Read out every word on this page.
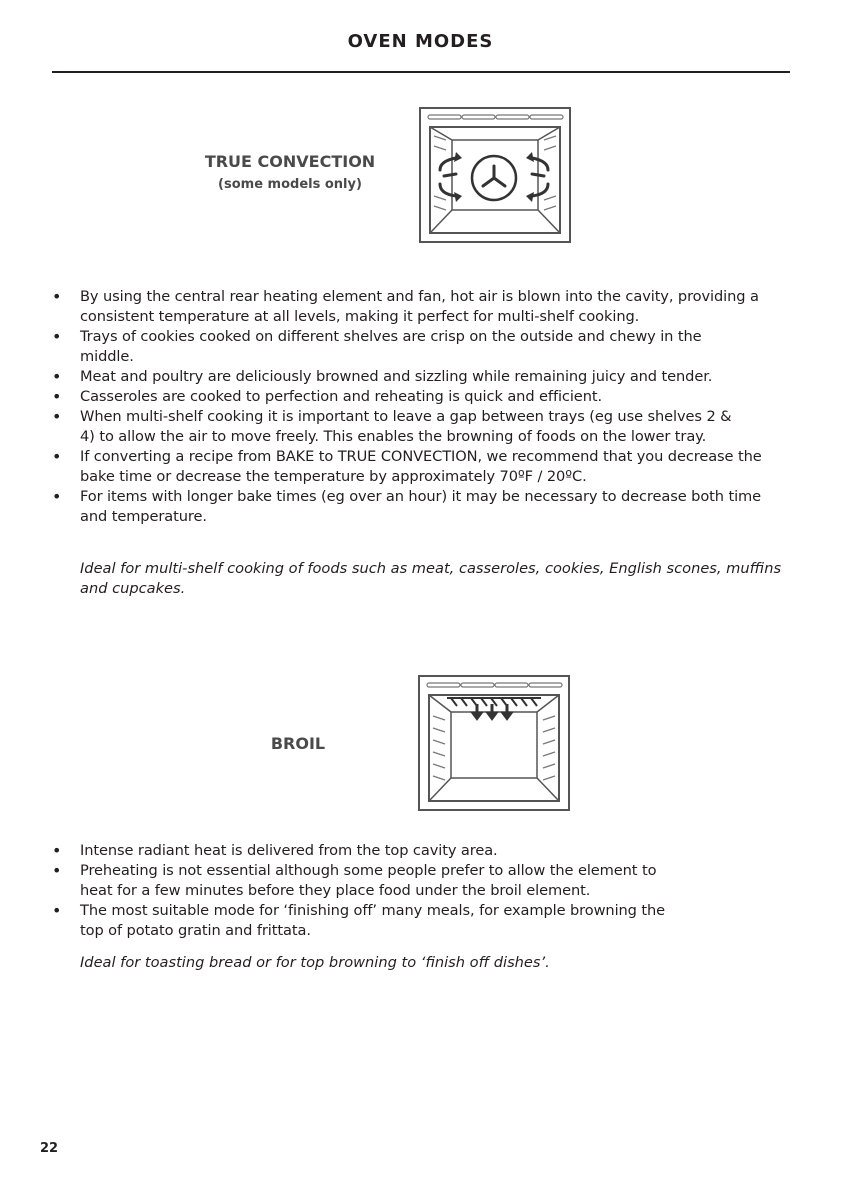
OVEN MODES
TRUE CONVECTION
(some models only)
• By using the central rear heating element and fan, hot air is blown into the cavity, providing a consistent temperature at all levels, making it perfect for multi-shelf cooking.
• Trays of cookies cooked on different shelves are crisp on the outside and chewy in the middle.
• Meat and poultry are deliciously browned and sizzling while remaining juicy and tender.
• Casseroles are cooked to perfection and reheating is quick and efficient.
• When multi-shelf cooking it is important to leave a gap between trays (eg use shelves 2 & 4) to allow the air to move freely. This enables the browning of foods on the lower tray.
• If converting a recipe from BAKE to TRUE CONVECTION, we recommend that you decrease the bake time or decrease the temperature by approximately 70ºF / 20ºC.
• For items with longer bake times (eg over an hour) it may be necessary to decrease both time and temperature.
Ideal for multi-shelf cooking of foods such as meat, casseroles, cookies, English scones, muffins and cupcakes.
BROIL
• Intense radiant heat is delivered from the top cavity area.
• Preheating is not essential although some people prefer to allow the element to heat for a few minutes before they place food under the broil element.
• The most suitable mode for ‘finishing off’ many meals, for example browning the top of potato gratin and frittata.
Ideal for toasting bread or for top browning to ‘finish off dishes’.
22
